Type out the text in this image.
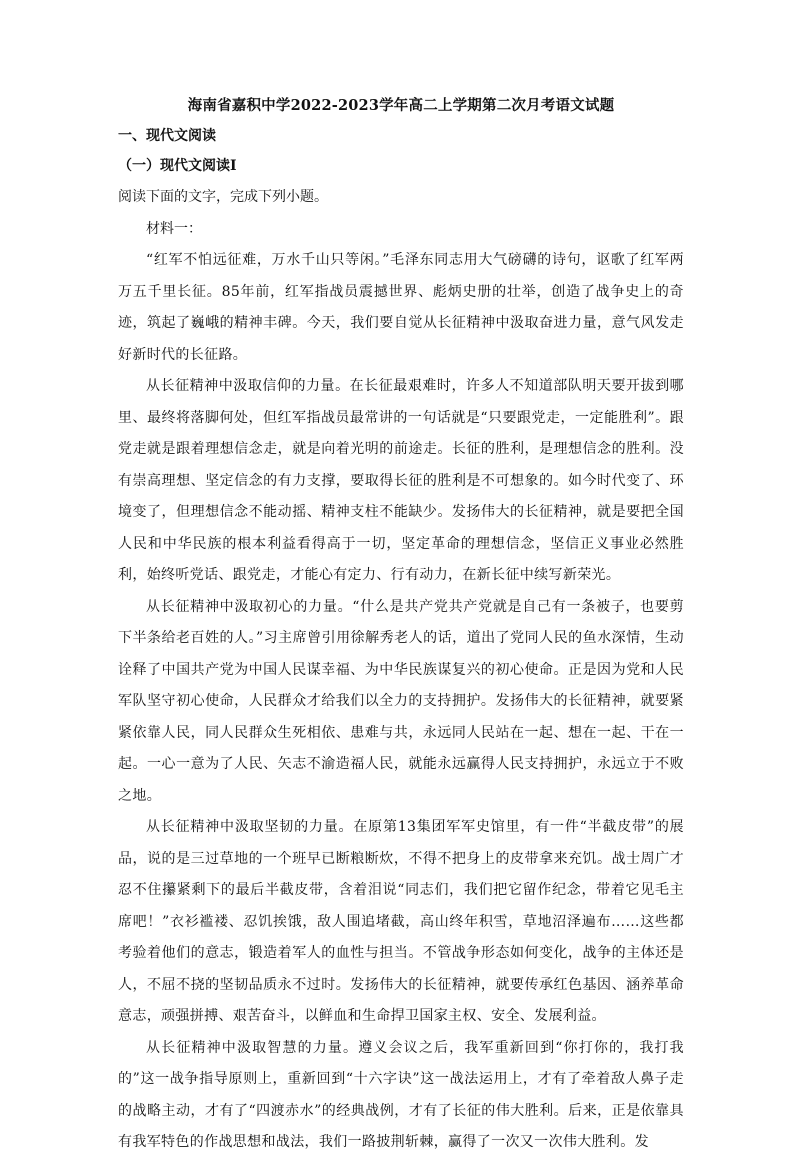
海南省嘉积中学2022-2023学年高二上学期第二次月考语文试题
一、现代文阅读
（一）现代文阅读Ⅰ
阅读下面的文字，完成下列小题。
材料一：

“红军不怕远征难，万水千山只等闲。”毛泽东同志用大气磅礴的诗句，讴歌了红军两万五千里长征。85年前，红军指战员震撼世界、彪炳史册的壮举，创造了战争史上的奇迹，筑起了巍峨的精神丰碑。今天，我们要自觉从长征精神中汲取奋进力量，意气风发走好新时代的长征路。

从长征精神中汲取信仰的力量。在长征最艰难时，许多人不知道部队明天要开拔到哪里、最终将落脚何处，但红军指战员最常讲的一句话就是“只要跟党走，一定能胜利”。跟党走就是跟着理想信念走，就是向着光明的前途走。长征的胜利，是理想信念的胜利。没有崇高理想、坚定信念的有力支撑，要取得长征的胜利是不可想象的。如今时代变了、环境变了，但理想信念不能动摇、精神支柱不能缺少。发扬伟大的长征精神，就是要把全国人民和中华民族的根本利益看得高于一切，坚定革命的理想信念，坚信正义事业必然胜利，始终听党话、跟党走，才能心有定力、行有动力，在新长征中续写新荣光。

从长征精神中汲取初心的力量。“什么是共产党共产党就是自己有一条被子，也要剪下半条给老百姓的人。”习主席曾引用徐解秀老人的话，道出了党同人民的鱼水深情，生动诠释了中国共产党为中国人民谋幸福、为中华民族谋复兴的初心使命。正是因为党和人民军队坚守初心使命，人民群众才给我们以全力的支持拥护。发扬伟大的长征精神，就要紧紧依靠人民，同人民群众生死相依、患难与共，永远同人民站在一起、想在一起、干在一起。一心一意为了人民、矢志不渝造福人民，就能永远赢得人民支持拥护，永远立于不败之地。

从长征精神中汲取坚韧的力量。在原第13集团军军史馆里，有一件“半截皮带”的展品，说的是三过草地的一个班早已断粮断炊，不得不把身上的皮带拿来充饥。战士周广才忍不住攥紧剩下的最后半截皮带，含着泪说“同志们，我们把它留作纪念，带着它见毛主席吧！”衣衫褴褛、忍饥挨饿，敌人围追堵截，高山终年积雪，草地沼泽遍布……这些都考验着他们的意志，锻造着军人的血性与担当。不管战争形态如何变化，战争的主体还是人，不屈不挠的坚韧品质永不过时。发扬伟大的长征精神，就要传承红色基因、涵养革命意志，顽强拼搏、艰苦奋斗，以鲜血和生命捍卫国家主权、安全、发展利益。

从长征精神中汲取智慧的力量。遵义会议之后，我军重新回到“你打你的，我打我的”这一战争指导原则上，重新回到“十六字诀”这一战法运用上，才有了牵着敌人鼻子走的战略主动，才有了“四渡赤水”的经典战例，才有了长征的伟大胜利。后来，正是依靠具有我军特色的作战思想和战法，我们一路披荆斩棘，赢得了一次又一次伟大胜利。发
